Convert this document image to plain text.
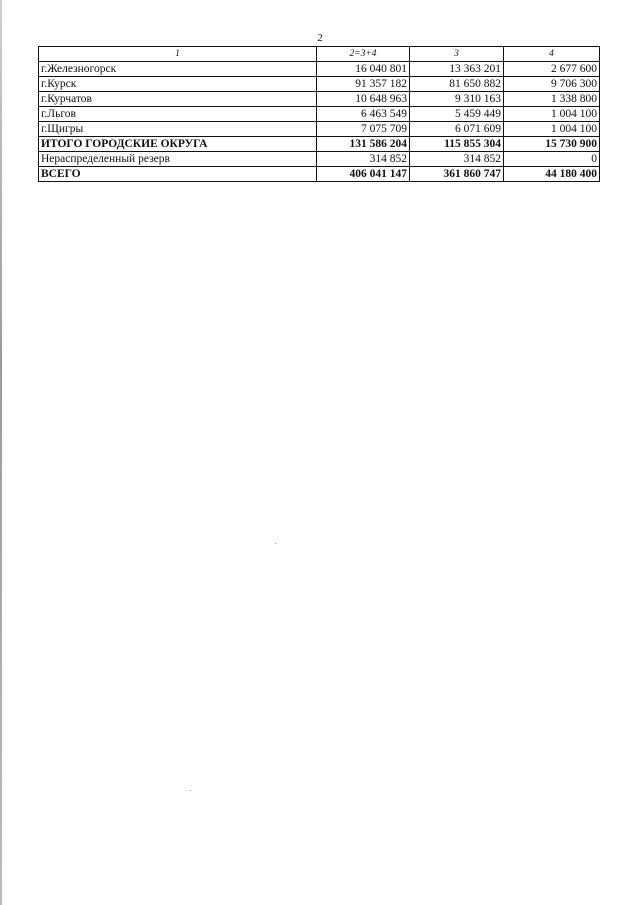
2
1	2=3+4	3	4
г.Железногорск	16 040 801	13 363 201	2 677 600
г.Курск	91 357 182	81 650 882	9 706 300
г.Курчатов	10 648 963	9 310 163	1 338 800
г.Льгов	6 463 549	5 459 449	1 004 100
г.Щигры	7 075 709	6 071 609	1 004 100
ИТОГО ГОРОДСКИЕ ОКРУГА	131 586 204	115 855 304	15 730 900
Нераспределенный резерв	314 852	314 852	0
ВСЕГО	406 041 147	361 860 747	44 180 400
